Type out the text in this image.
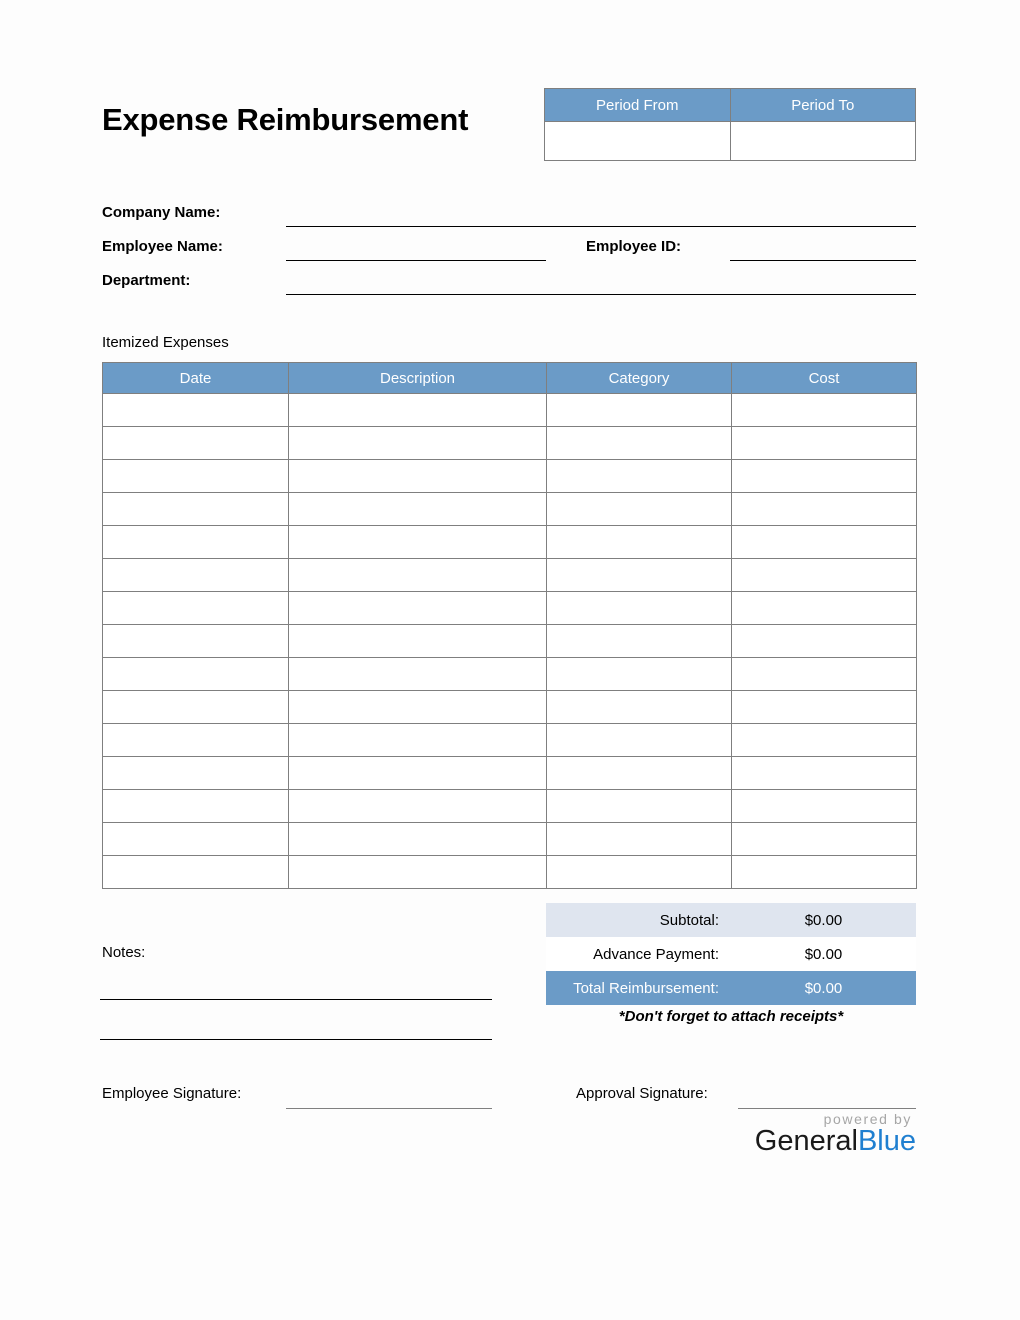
Expense Reimbursement	Period From	Period To

Company Name:
Employee Name:	Employee ID:
Department:
Itemized Expenses
Date	Description	Category	Cost

Subtotal:	$0.00
Advance Payment:	$0.00
Total Reimbursement:	$0.00
*Don't forget to attach receipts*
Notes:
Employee Signature:	Approval Signature:
powered by
GeneralBlue
